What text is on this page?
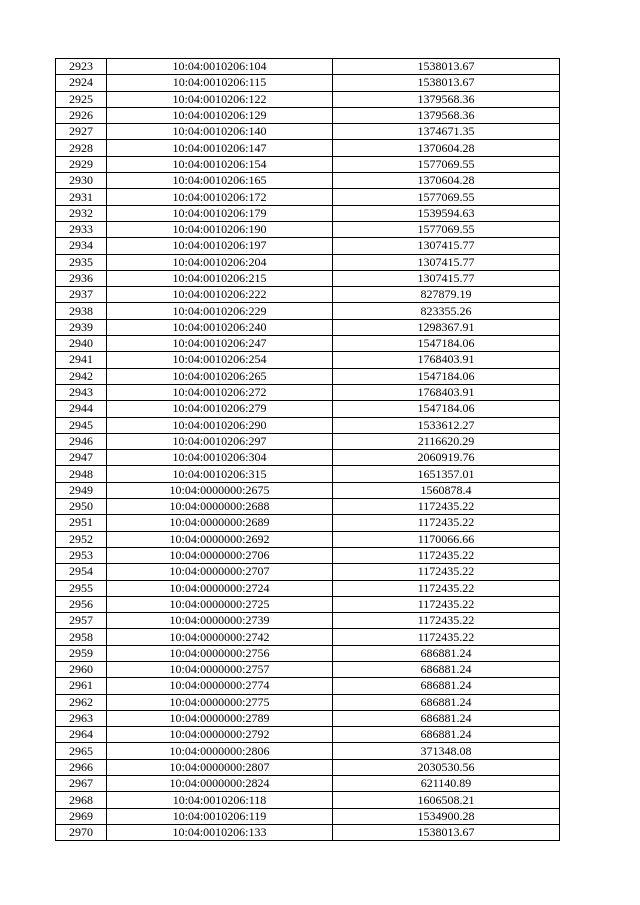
2923	10:04:0010206:104	1538013.67
2924	10:04:0010206:115	1538013.67
2925	10:04:0010206:122	1379568.36
2926	10:04:0010206:129	1379568.36
2927	10:04:0010206:140	1374671.35
2928	10:04:0010206:147	1370604.28
2929	10:04:0010206:154	1577069.55
2930	10:04:0010206:165	1370604.28
2931	10:04:0010206:172	1577069.55
2932	10:04:0010206:179	1539594.63
2933	10:04:0010206:190	1577069.55
2934	10:04:0010206:197	1307415.77
2935	10:04:0010206:204	1307415.77
2936	10:04:0010206:215	1307415.77
2937	10:04:0010206:222	827879.19
2938	10:04:0010206:229	823355.26
2939	10:04:0010206:240	1298367.91
2940	10:04:0010206:247	1547184.06
2941	10:04:0010206:254	1768403.91
2942	10:04:0010206:265	1547184.06
2943	10:04:0010206:272	1768403.91
2944	10:04:0010206:279	1547184.06
2945	10:04:0010206:290	1533612.27
2946	10:04:0010206:297	2116620.29
2947	10:04:0010206:304	2060919.76
2948	10:04:0010206:315	1651357.01
2949	10:04:0000000:2675	1560878.4
2950	10:04:0000000:2688	1172435.22
2951	10:04:0000000:2689	1172435.22
2952	10:04:0000000:2692	1170066.66
2953	10:04:0000000:2706	1172435.22
2954	10:04:0000000:2707	1172435.22
2955	10:04:0000000:2724	1172435.22
2956	10:04:0000000:2725	1172435.22
2957	10:04:0000000:2739	1172435.22
2958	10:04:0000000:2742	1172435.22
2959	10:04:0000000:2756	686881.24
2960	10:04:0000000:2757	686881.24
2961	10:04:0000000:2774	686881.24
2962	10:04:0000000:2775	686881.24
2963	10:04:0000000:2789	686881.24
2964	10:04:0000000:2792	686881.24
2965	10:04:0000000:2806	371348.08
2966	10:04:0000000:2807	2030530.56
2967	10:04:0000000:2824	621140.89
2968	10:04:0010206:118	1606508.21
2969	10:04:0010206:119	1534900.28
2970	10:04:0010206:133	1538013.67
